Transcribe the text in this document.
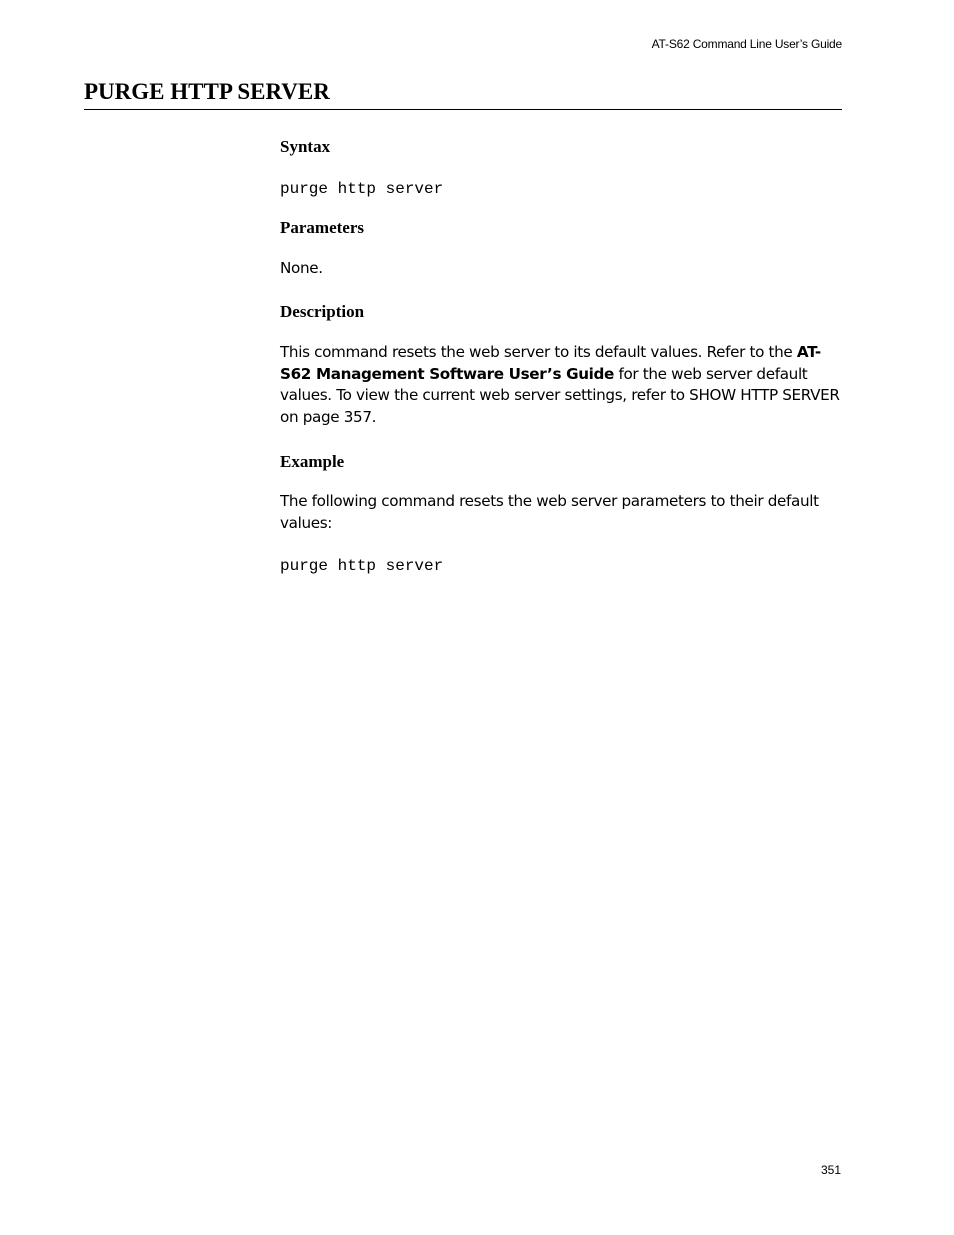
AT-S62 Command Line User’s Guide
PURGE HTTP SERVER
Syntax

purge http server

Parameters

None.

Description

This command resets the web server to its default values. Refer to the AT-S62 Management Software User’s Guide for the web server default values. To view the current web server settings, refer to SHOW HTTP SERVER on page 357.

Example

The following command resets the web server parameters to their default values:

purge http server

351
